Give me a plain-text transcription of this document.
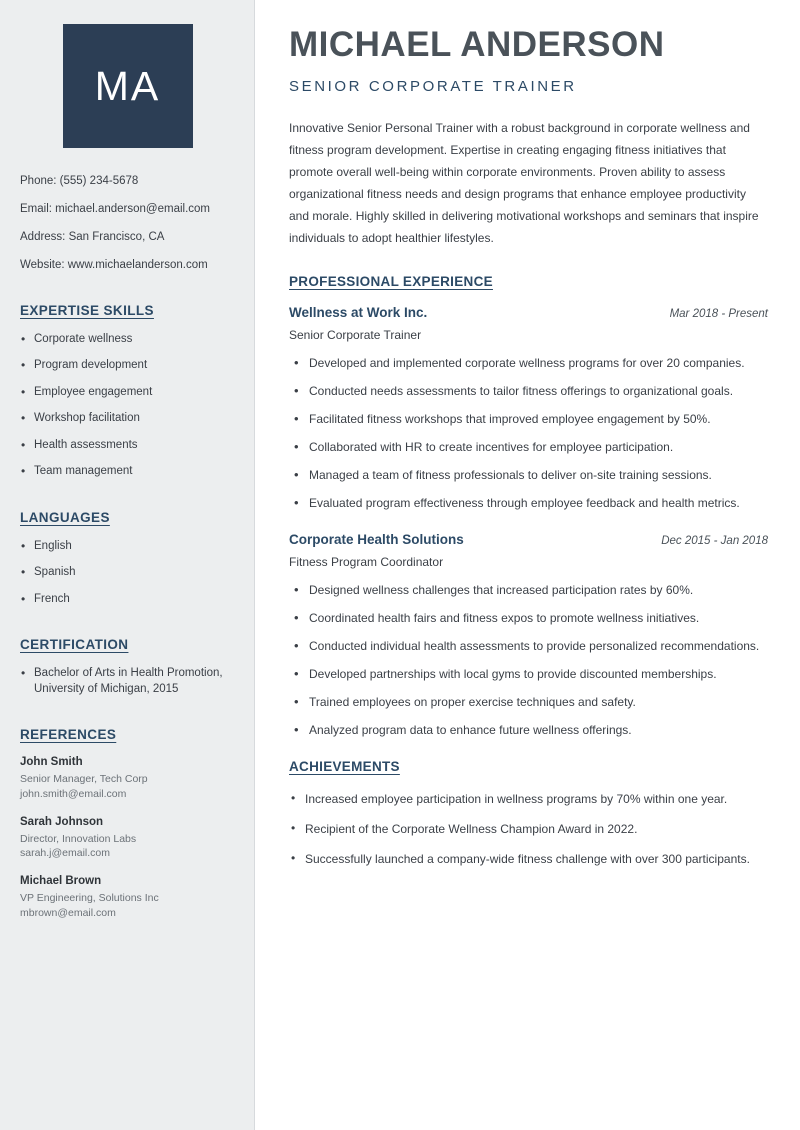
MA
Phone: (555) 234-5678
Email: michael.anderson@email.com
Address: San Francisco, CA
Website: www.michaelanderson.com
EXPERTISE SKILLS
• Corporate wellness
• Program development
• Employee engagement
• Workshop facilitation
• Health assessments
• Team management
LANGUAGES
• English
• Spanish
• French
CERTIFICATION
• Bachelor of Arts in Health Promotion, University of Michigan, 2015
REFERENCES
John Smith
Senior Manager, Tech Corp
john.smith@email.com
Sarah Johnson
Director, Innovation Labs
sarah.j@email.com
Michael Brown
VP Engineering, Solutions Inc
mbrown@email.com
MICHAEL ANDERSON
SENIOR CORPORATE TRAINER

Innovative Senior Personal Trainer with a robust background in corporate wellness and fitness program development. Expertise in creating engaging fitness initiatives that promote overall well-being within corporate environments. Proven ability to assess organizational fitness needs and design programs that enhance employee productivity and morale. Highly skilled in delivering motivational workshops and seminars that inspire individuals to adopt healthier lifestyles.

PROFESSIONAL EXPERIENCE
Wellness at Work Inc.	Mar 2018 - Present
Senior Corporate Trainer
• Developed and implemented corporate wellness programs for over 20 companies.
• Conducted needs assessments to tailor fitness offerings to organizational goals.
• Facilitated fitness workshops that improved employee engagement by 50%.
• Collaborated with HR to create incentives for employee participation.
• Managed a team of fitness professionals to deliver on-site training sessions.
• Evaluated program effectiveness through employee feedback and health metrics.
Corporate Health Solutions	Dec 2015 - Jan 2018
Fitness Program Coordinator
• Designed wellness challenges that increased participation rates by 60%.
• Coordinated health fairs and fitness expos to promote wellness initiatives.
• Conducted individual health assessments to provide personalized recommendations.
• Developed partnerships with local gyms to provide discounted memberships.
• Trained employees on proper exercise techniques and safety.
• Analyzed program data to enhance future wellness offerings.
ACHIEVEMENTS
• Increased employee participation in wellness programs by 70% within one year.
• Recipient of the Corporate Wellness Champion Award in 2022.
• Successfully launched a company-wide fitness challenge with over 300 participants.
